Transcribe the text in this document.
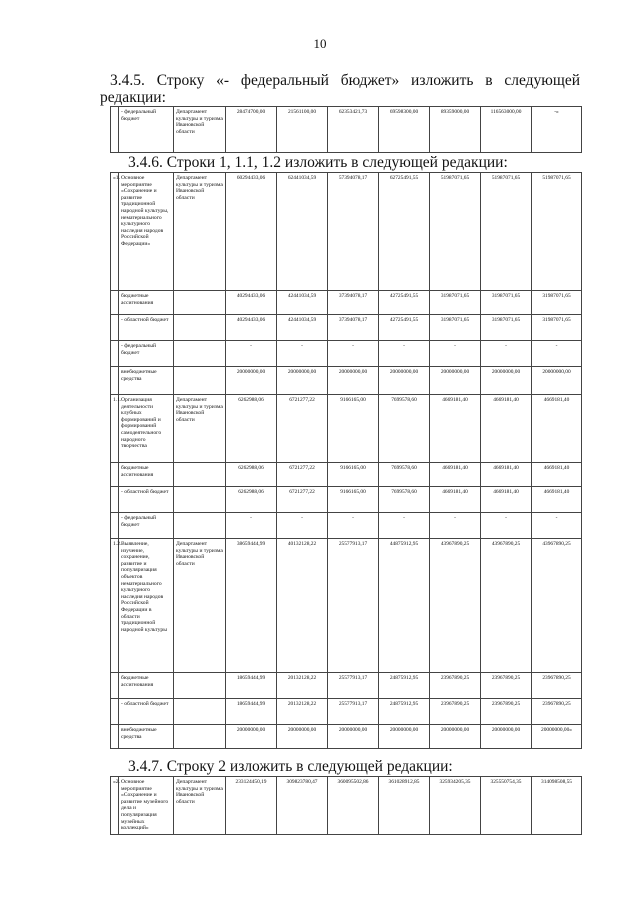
10
3.4.5. Строку «- федеральный бюджет» изложить в следующей
редакции:
	- федеральный бюджет	Департамент культуры и туризма Ивановской области	28474700,00	21561100,00	62353421,73	69598300,00	89359000,00	116563000,00	-»
3.4.6. Строки 1, 1.1, 1.2 изложить в следующей редакции:
«1.	Основное мероприятие «Сохранение и развитие традиционной народной культуры, нематериального культурного наследия народов Российской Федерации»	Департамент культуры и туризма Ивановской области	60294433,06	62441034,59	57394078,17	62725491,55	51987071,65	51987071,65	51987071,65
	бюджетные ассигнования		40294433,06	42441034,59	37394078,17	42725491,55	31987071,65	31987071,65	31987071,65
	- областной бюджет		40294433,06	42441034,59	37394078,17	42725491,55	31987071,65	31987071,65	31987071,65
	- федеральный бюджет		-	-	-	-	-	-	-
	внебюджетные средства		20000000,00	20000000,00	20000000,00	20000000,00	20000000,00	20000000,00	20000000,00
1.1.	Организация деятельности клубных формирований и формирований самодеятельного народного творчества	Департамент культуры и туризма Ивановской области	6262988,06	6721277,22	9166165,00	7699578,60	4669181,40	4669181,40	4669181,40
	бюджетные ассигнования		6262988,06	6721277,22	9166165,00	7699578,60	4669181,40	4669181,40	4669181,40
	- областной бюджет		6262988,06	6721277,22	9166165,00	7699578,60	4669181,40	4669181,40	4669181,40
	- федеральный бюджет		-	-	-	-	-	-	-
1.2.	Выявление, изучение, сохранение, развитие и популяризация объектов нематериального культурного наследия народов Российской Федерации в области традиционной народной культуры	Департамент культуры и туризма Ивановской области	38659444,99	40132128,22	25577913,17	44875912,95	43967890,25	43967890,25	43967890,25
	бюджетные ассигнования		18659444,99	20132128,22	25577913,17	24875912,95	23967890,25	23967890,25	23967890,25
	- областной бюджет		18659444,99	20132128,22	25577913,17	24875912,95	23967890,25	23967890,25	23967890,25
	внебюджетные средства		20000000,00	20000000,00	20000000,00	20000000,00	20000000,00	20000000,00	20000000,00»
3.4.7. Строку 2 изложить в следующей редакции:
«2.	Основное мероприятие «Сохранение и развитие музейного дела и популяризация музейных коллекций»	Департамент культуры и туризма Ивановской области	233124450,19	309823780,47	360095502,86	361028912,85	325934205,35	325550754,35	314098508,55
